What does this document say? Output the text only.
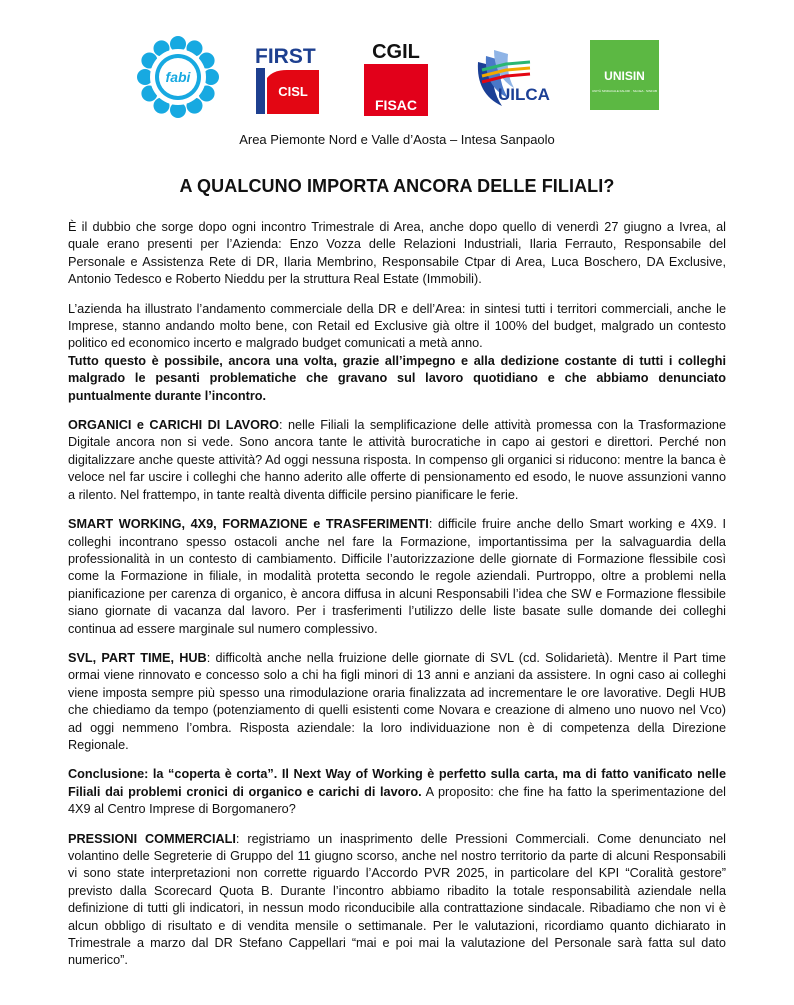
fabi
FIRST
CISL
CGIL
FISAC
UILCA
UNISIN
UNITÀ SINDACALE FALCRI · SILCEA · SINFUB
Area Piemonte Nord e Valle d’Aosta – Intesa Sanpaolo
A QUALCUNO IMPORTA ANCORA DELLE FILIALI?

È il dubbio che sorge dopo ogni incontro Trimestrale di Area, anche dopo quello di venerdì 27 giugno a Ivrea, al quale erano presenti per l’Azienda: Enzo Vozza delle Relazioni Industriali, Ilaria Ferrauto, Responsabile del Personale e Assistenza Rete di DR, Ilaria Membrino, Responsabile Ctpar di Area, Luca Boschero, DA Exclusive, Antonio Tedesco e Roberto Nieddu per la struttura Real Estate (Immobili).

L’azienda ha illustrato l’andamento commerciale della DR e dell’Area: in sintesi tutti i territori commerciali, anche le Imprese, stanno andando molto bene, con Retail ed Exclusive già oltre il 100% del budget, malgrado un contesto politico ed economico incerto e malgrado budget comunicati a metà anno.

Tutto questo è possibile, ancora una volta, grazie all’impegno e alla dedizione costante di tutti i colleghi malgrado le pesanti problematiche che gravano sul lavoro quotidiano e che abbiamo denunciato puntualmente durante l’incontro.

ORGANICI e CARICHI DI LAVORO: nelle Filiali la semplificazione delle attività promessa con la Trasformazione Digitale ancora non si vede. Sono ancora tante le attività burocratiche in capo ai gestori e direttori. Perché non digitalizzare anche queste attività? Ad oggi nessuna risposta. In compenso gli organici si riducono: mentre la banca è veloce nel far uscire i colleghi che hanno aderito alle offerte di pensionamento ed esodo, le nuove assunzioni vanno a rilento. Nel frattempo, in tante realtà diventa difficile persino pianificare le ferie.

SMART WORKING, 4X9, FORMAZIONE e TRASFERIMENTI: difficile fruire anche dello Smart working e 4X9. I colleghi incontrano spesso ostacoli anche nel fare la Formazione, importantissima per la salvaguardia della professionalità in un contesto di cambiamento. Difficile l’autorizzazione delle giornate di Formazione flessibile così come la Formazione in filiale, in modalità protetta secondo le regole aziendali. Purtroppo, oltre a problemi nella pianificazione per carenza di organico, è ancora diffusa in alcuni Responsabili l’idea che SW e Formazione flessibile siano giornate di vacanza dal lavoro. Per i trasferimenti l’utilizzo delle liste basate sulle domande dei colleghi continua ad essere marginale sul numero complessivo.

SVL, PART TIME, HUB: difficoltà anche nella fruizione delle giornate di SVL (cd. Solidarietà). Mentre il Part time ormai viene rinnovato e concesso solo a chi ha figli minori di 13 anni e anziani da assistere. In ogni caso ai colleghi viene imposta sempre più spesso una rimodulazione oraria finalizzata ad incrementare le ore lavorative. Degli HUB che chiediamo da tempo (potenziamento di quelli esistenti come Novara e creazione di almeno uno nuovo nel Vco) ad oggi nemmeno l’ombra. Risposta aziendale: la loro individuazione non è di competenza della Direzione Regionale.

Conclusione: la “coperta è corta”. Il Next Way of Working è perfetto sulla carta, ma di fatto vanificato nelle Filiali dai problemi cronici di organico e carichi di lavoro. A proposito: che fine ha fatto la sperimentazione del 4X9 al Centro Imprese di Borgomanero?

PRESSIONI COMMERCIALI: registriamo un inasprimento delle Pressioni Commerciali. Come denunciato nel volantino delle Segreterie di Gruppo del 11 giugno scorso, anche nel nostro territorio da parte di alcuni Responsabili vi sono state interpretazioni non corrette riguardo l’Accordo PVR 2025, in particolare del KPI “Coralità gestore” previsto dalla Scorecard Quota B. Durante l’incontro abbiamo ribadito la totale responsabilità aziendale nella definizione di tutti gli indicatori, in nessun modo riconducibile alla contrattazione sindacale. Ribadiamo che non vi è alcun obbligo di risultato e di vendita mensile o settimanale. Per le valutazioni, ricordiamo quanto dichiarato in Trimestrale a marzo dal DR Stefano Cappellari “mai e poi mai la valutazione del Personale sarà fatta sul dato numerico”.
